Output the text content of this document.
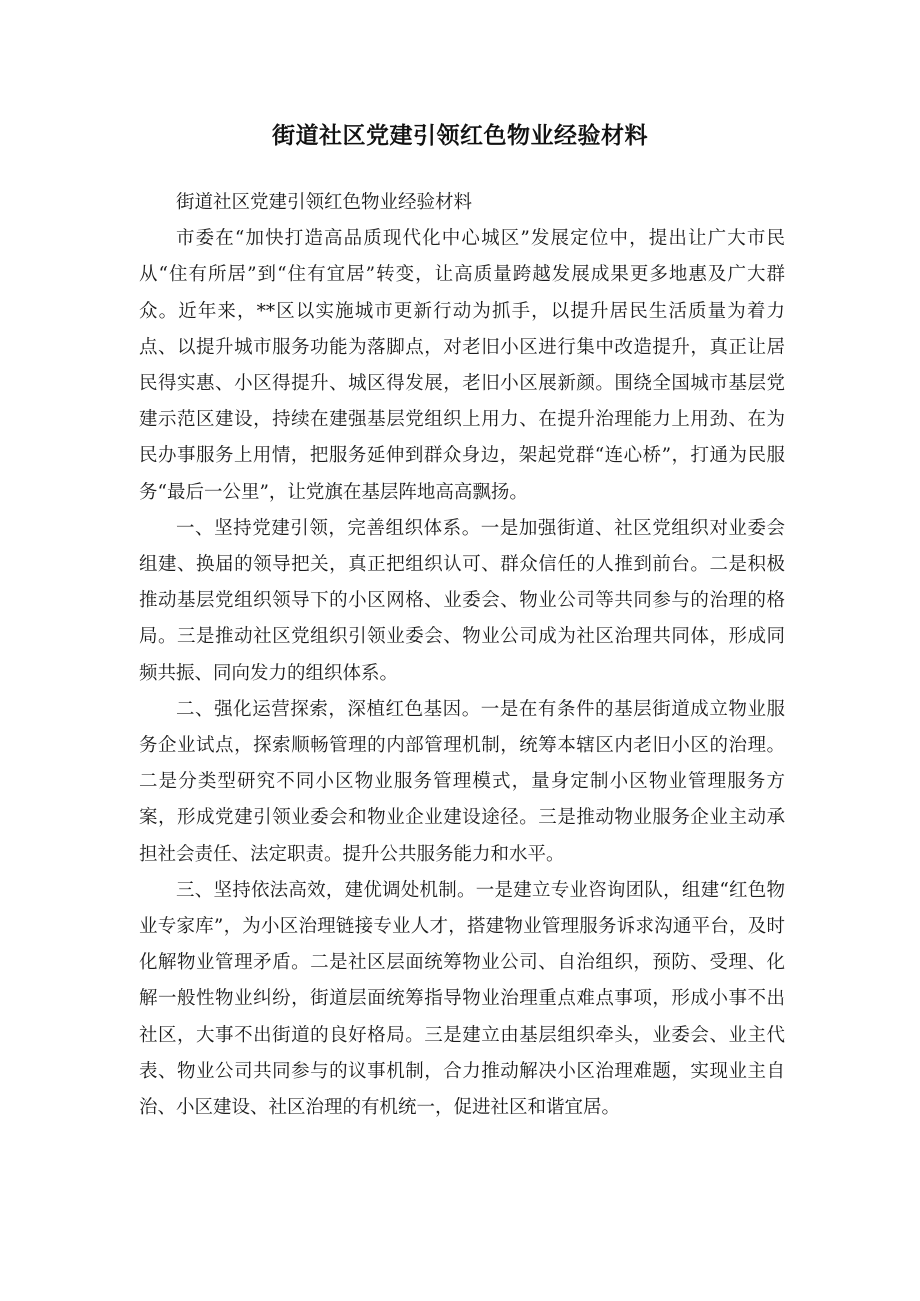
街道社区党建引领红色物业经验材料

街道社区党建引领红色物业经验材料

市委在“加快打造高品质现代化中心城区”发展定位中，提出让广大市民从“住有所居”到“住有宜居”转变，让高质量跨越发展成果更多地惠及广大群众。近年来，**区以实施城市更新行动为抓手，以提升居民生活质量为着力点、以提升城市服务功能为落脚点，对老旧小区进行集中改造提升，真正让居民得实惠、小区得提升、城区得发展，老旧小区展新颜。围绕全国城市基层党建示范区建设，持续在建强基层党组织上用力、在提升治理能力上用劲、在为民办事服务上用情，把服务延伸到群众身边，架起党群“连心桥”，打通为民服务“最后一公里”，让党旗在基层阵地高高飘扬。

一、坚持党建引领，完善组织体系。一是加强街道、社区党组织对业委会组建、换届的领导把关，真正把组织认可、群众信任的人推到前台。二是积极推动基层党组织领导下的小区网格、业委会、物业公司等共同参与的治理的格局。三是推动社区党组织引领业委会、物业公司成为社区治理共同体，形成同频共振、同向发力的组织体系。

二、强化运营探索，深植红色基因。一是在有条件的基层街道成立物业服务企业试点，探索顺畅管理的内部管理机制，统筹本辖区内老旧小区的治理。二是分类型研究不同小区物业服务管理模式，量身定制小区物业管理服务方案，形成党建引领业委会和物业企业建设途径。三是推动物业服务企业主动承担社会责任、法定职责。提升公共服务能力和水平。

三、坚持依法高效，建优调处机制。一是建立专业咨询团队，组建“红色物业专家库”，为小区治理链接专业人才，搭建物业管理服务诉求沟通平台，及时化解物业管理矛盾。二是社区层面统筹物业公司、自治组织，预防、受理、化解一般性物业纠纷，街道层面统筹指导物业治理重点难点事项，形成小事不出社区，大事不出街道的良好格局。三是建立由基层组织牵头，业委会、业主代表、物业公司共同参与的议事机制，合力推动解决小区治理难题，实现业主自治、小区建设、社区治理的有机统一，促进社区和谐宜居。
